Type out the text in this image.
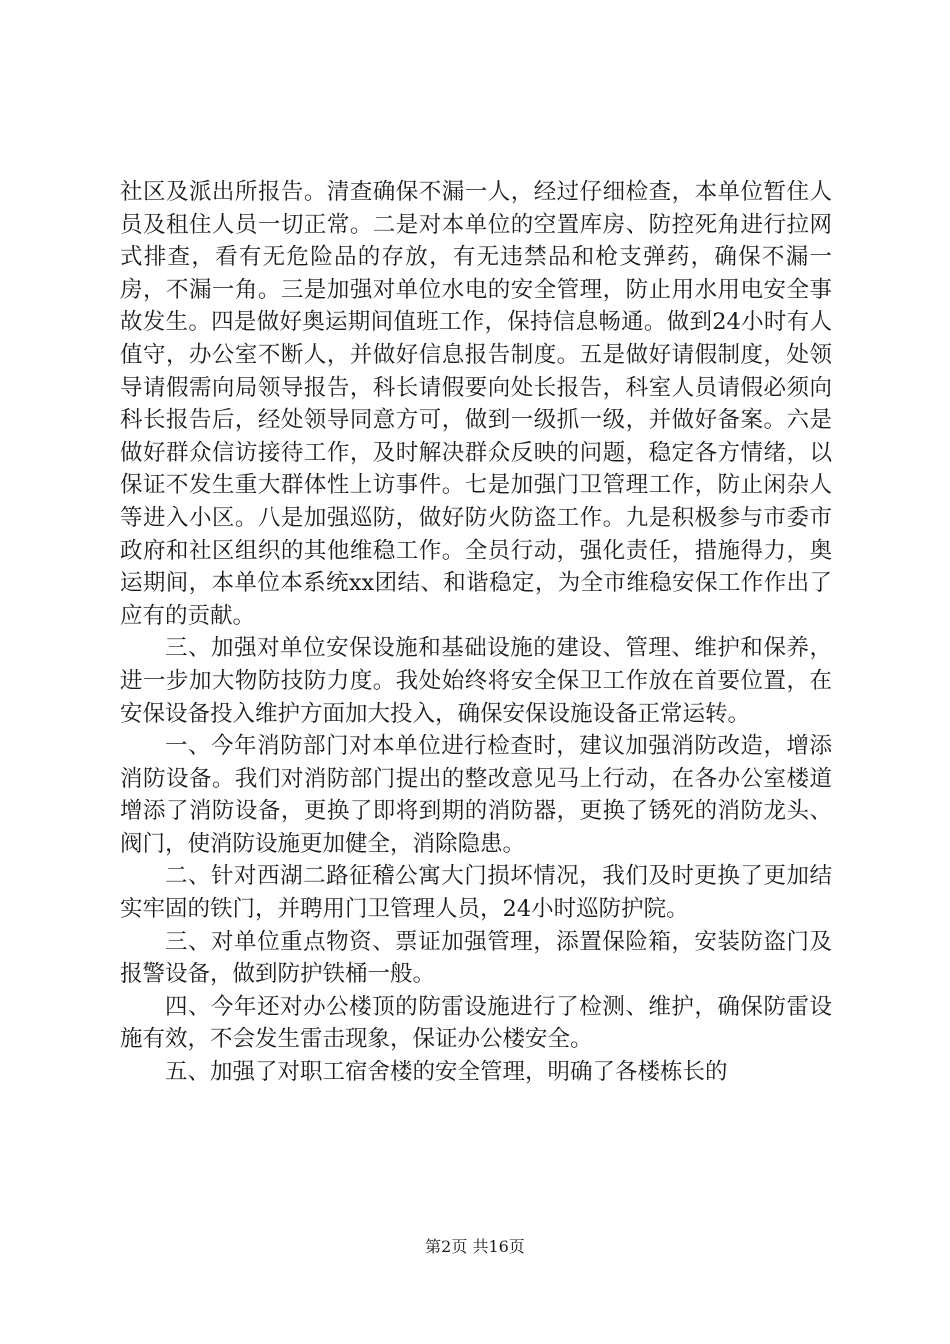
社区及派出所报告。清查确保不漏一人，经过仔细检查，本单位暂住人员及租住人员一切正常。二是对本单位的空置库房、防控死角进行拉网式排查，看有无危险品的存放，有无违禁品和枪支弹药，确保不漏一房，不漏一角。三是加强对单位水电的安全管理，防止用水用电安全事故发生。四是做好奥运期间值班工作，保持信息畅通。做到24小时有人值守，办公室不断人，并做好信息报告制度。五是做好请假制度，处领导请假需向局领导报告，科长请假要向处长报告，科室人员请假必须向科长报告后，经处领导同意方可，做到一级抓一级，并做好备案。六是做好群众信访接待工作，及时解决群众反映的问题，稳定各方情绪，以保证不发生重大群体性上访事件。七是加强门卫管理工作，防止闲杂人等进入小区。八是加强巡防，做好防火防盗工作。九是积极参与市委市政府和社区组织的其他维稳工作。全员行动，强化责任，措施得力，奥运期间，本单位本系统xx团结、和谐稳定，为全市维稳安保工作作出了应有的贡献。

三、加强对单位安保设施和基础设施的建设、管理、维护和保养，进一步加大物防技防力度。我处始终将安全保卫工作放在首要位置，在安保设备投入维护方面加大投入，确保安保设施设备正常运转。

一、今年消防部门对本单位进行检查时，建议加强消防改造，增添消防设备。我们对消防部门提出的整改意见马上行动，在各办公室楼道增添了消防设备，更换了即将到期的消防器，更换了锈死的消防龙头、阀门，使消防设施更加健全，消除隐患。

二、针对西湖二路征稽公寓大门损坏情况，我们及时更换了更加结实牢固的铁门，并聘用门卫管理人员，24小时巡防护院。

三、对单位重点物资、票证加强管理，添置保险箱，安装防盗门及报警设备，做到防护铁桶一般。

四、今年还对办公楼顶的防雷设施进行了检测、维护，确保防雷设施有效，不会发生雷击现象，保证办公楼安全。

五、加强了对职工宿舍楼的安全管理，明确了各楼栋长的

第2页 共16页
